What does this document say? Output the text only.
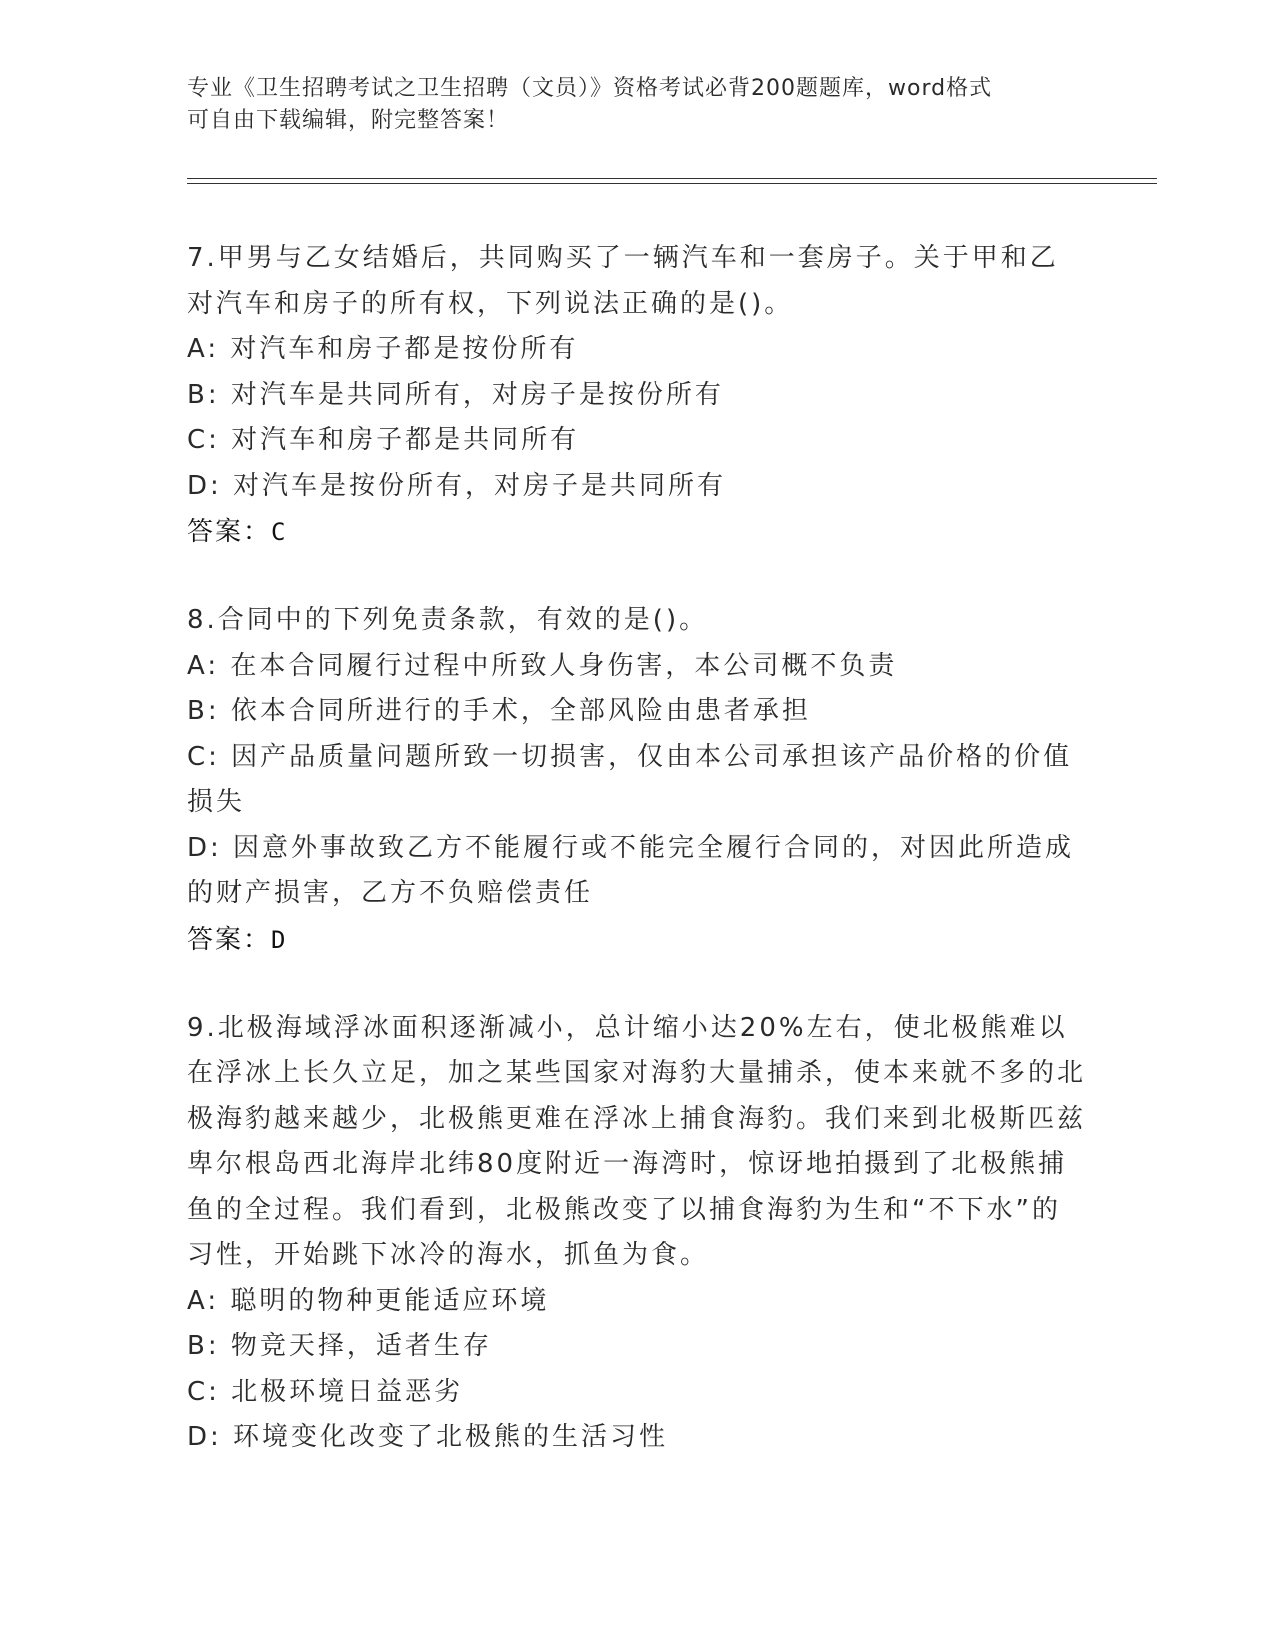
专业《卫生招聘考试之卫生招聘（文员）》资格考试必背200题题库，word格式
可自由下载编辑，附完整答案！
7.甲男与乙女结婚后，共同购买了一辆汽车和一套房子。关于甲和乙对汽车和房子的所有权，下列说法正确的是()。
A: 对汽车和房子都是按份所有
B: 对汽车是共同所有，对房子是按份所有
C: 对汽车和房子都是共同所有
D: 对汽车是按份所有，对房子是共同所有
答案：C
8.合同中的下列免责条款，有效的是()。
A: 在本合同履行过程中所致人身伤害，本公司概不负责
B: 依本合同所进行的手术，全部风险由患者承担
C: 因产品质量问题所致一切损害，仅由本公司承担该产品价格的价值损失
D: 因意外事故致乙方不能履行或不能完全履行合同的，对因此所造成的财产损害，乙方不负赔偿责任
答案：D
9.北极海域浮冰面积逐渐减小，总计缩小达20%左右，使北极熊难以在浮冰上长久立足，加之某些国家对海豹大量捕杀，使本来就不多的北极海豹越来越少，北极熊更难在浮冰上捕食海豹。我们来到北极斯匹兹卑尔根岛西北海岸北纬80度附近一海湾时，惊讶地拍摄到了北极熊捕鱼的全过程。我们看到，北极熊改变了以捕食海豹为生和“不下水”的习性，开始跳下冰冷的海水，抓鱼为食。
A: 聪明的物种更能适应环境
B: 物竞天择，适者生存
C: 北极环境日益恶劣
D: 环境变化改变了北极熊的生活习性
